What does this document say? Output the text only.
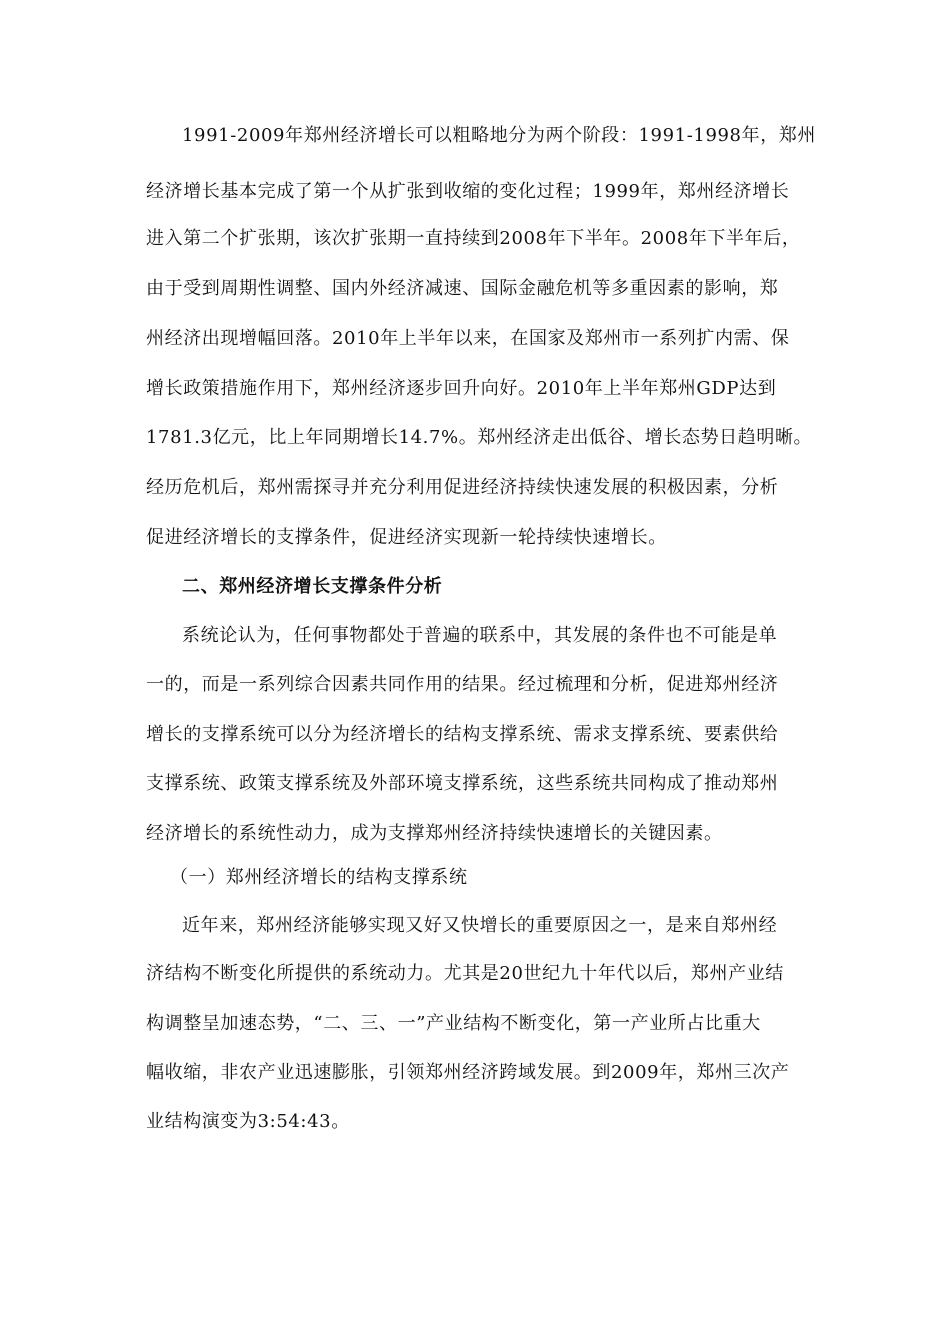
1991-2009年郑州经济增长可以粗略地分为两个阶段：1991-1998年，郑州
经济增长基本完成了第一个从扩张到收缩的变化过程；1999年，郑州经济增长
进入第二个扩张期，该次扩张期一直持续到2008年下半年。2008年下半年后，
由于受到周期性调整、国内外经济减速、国际金融危机等多重因素的影响，郑
州经济出现增幅回落。2010年上半年以来，在国家及郑州市一系列扩内需、保
增长政策措施作用下，郑州经济逐步回升向好。2010年上半年郑州GDP达到
1781.3亿元，比上年同期增长14.7%。郑州经济走出低谷、增长态势日趋明晰。
经历危机后，郑州需探寻并充分利用促进经济持续快速发展的积极因素，分析
促进经济增长的支撑条件，促进经济实现新一轮持续快速增长。
二、郑州经济增长支撑条件分析
系统论认为，任何事物都处于普遍的联系中，其发展的条件也不可能是单
一的，而是一系列综合因素共同作用的结果。经过梳理和分析，促进郑州经济
增长的支撑系统可以分为经济增长的结构支撑系统、需求支撑系统、要素供给
支撑系统、政策支撑系统及外部环境支撑系统，这些系统共同构成了推动郑州
经济增长的系统性动力，成为支撑郑州经济持续快速增长的关键因素。
（一）郑州经济增长的结构支撑系统
近年来，郑州经济能够实现又好又快增长的重要原因之一，是来自郑州经
济结构不断变化所提供的系统动力。尤其是20世纪九十年代以后，郑州产业结
构调整呈加速态势，“二、三、一”产业结构不断变化，第一产业所占比重大
幅收缩，非农产业迅速膨胀，引领郑州经济跨域发展。到2009年，郑州三次产
业结构演变为3:54:43。
